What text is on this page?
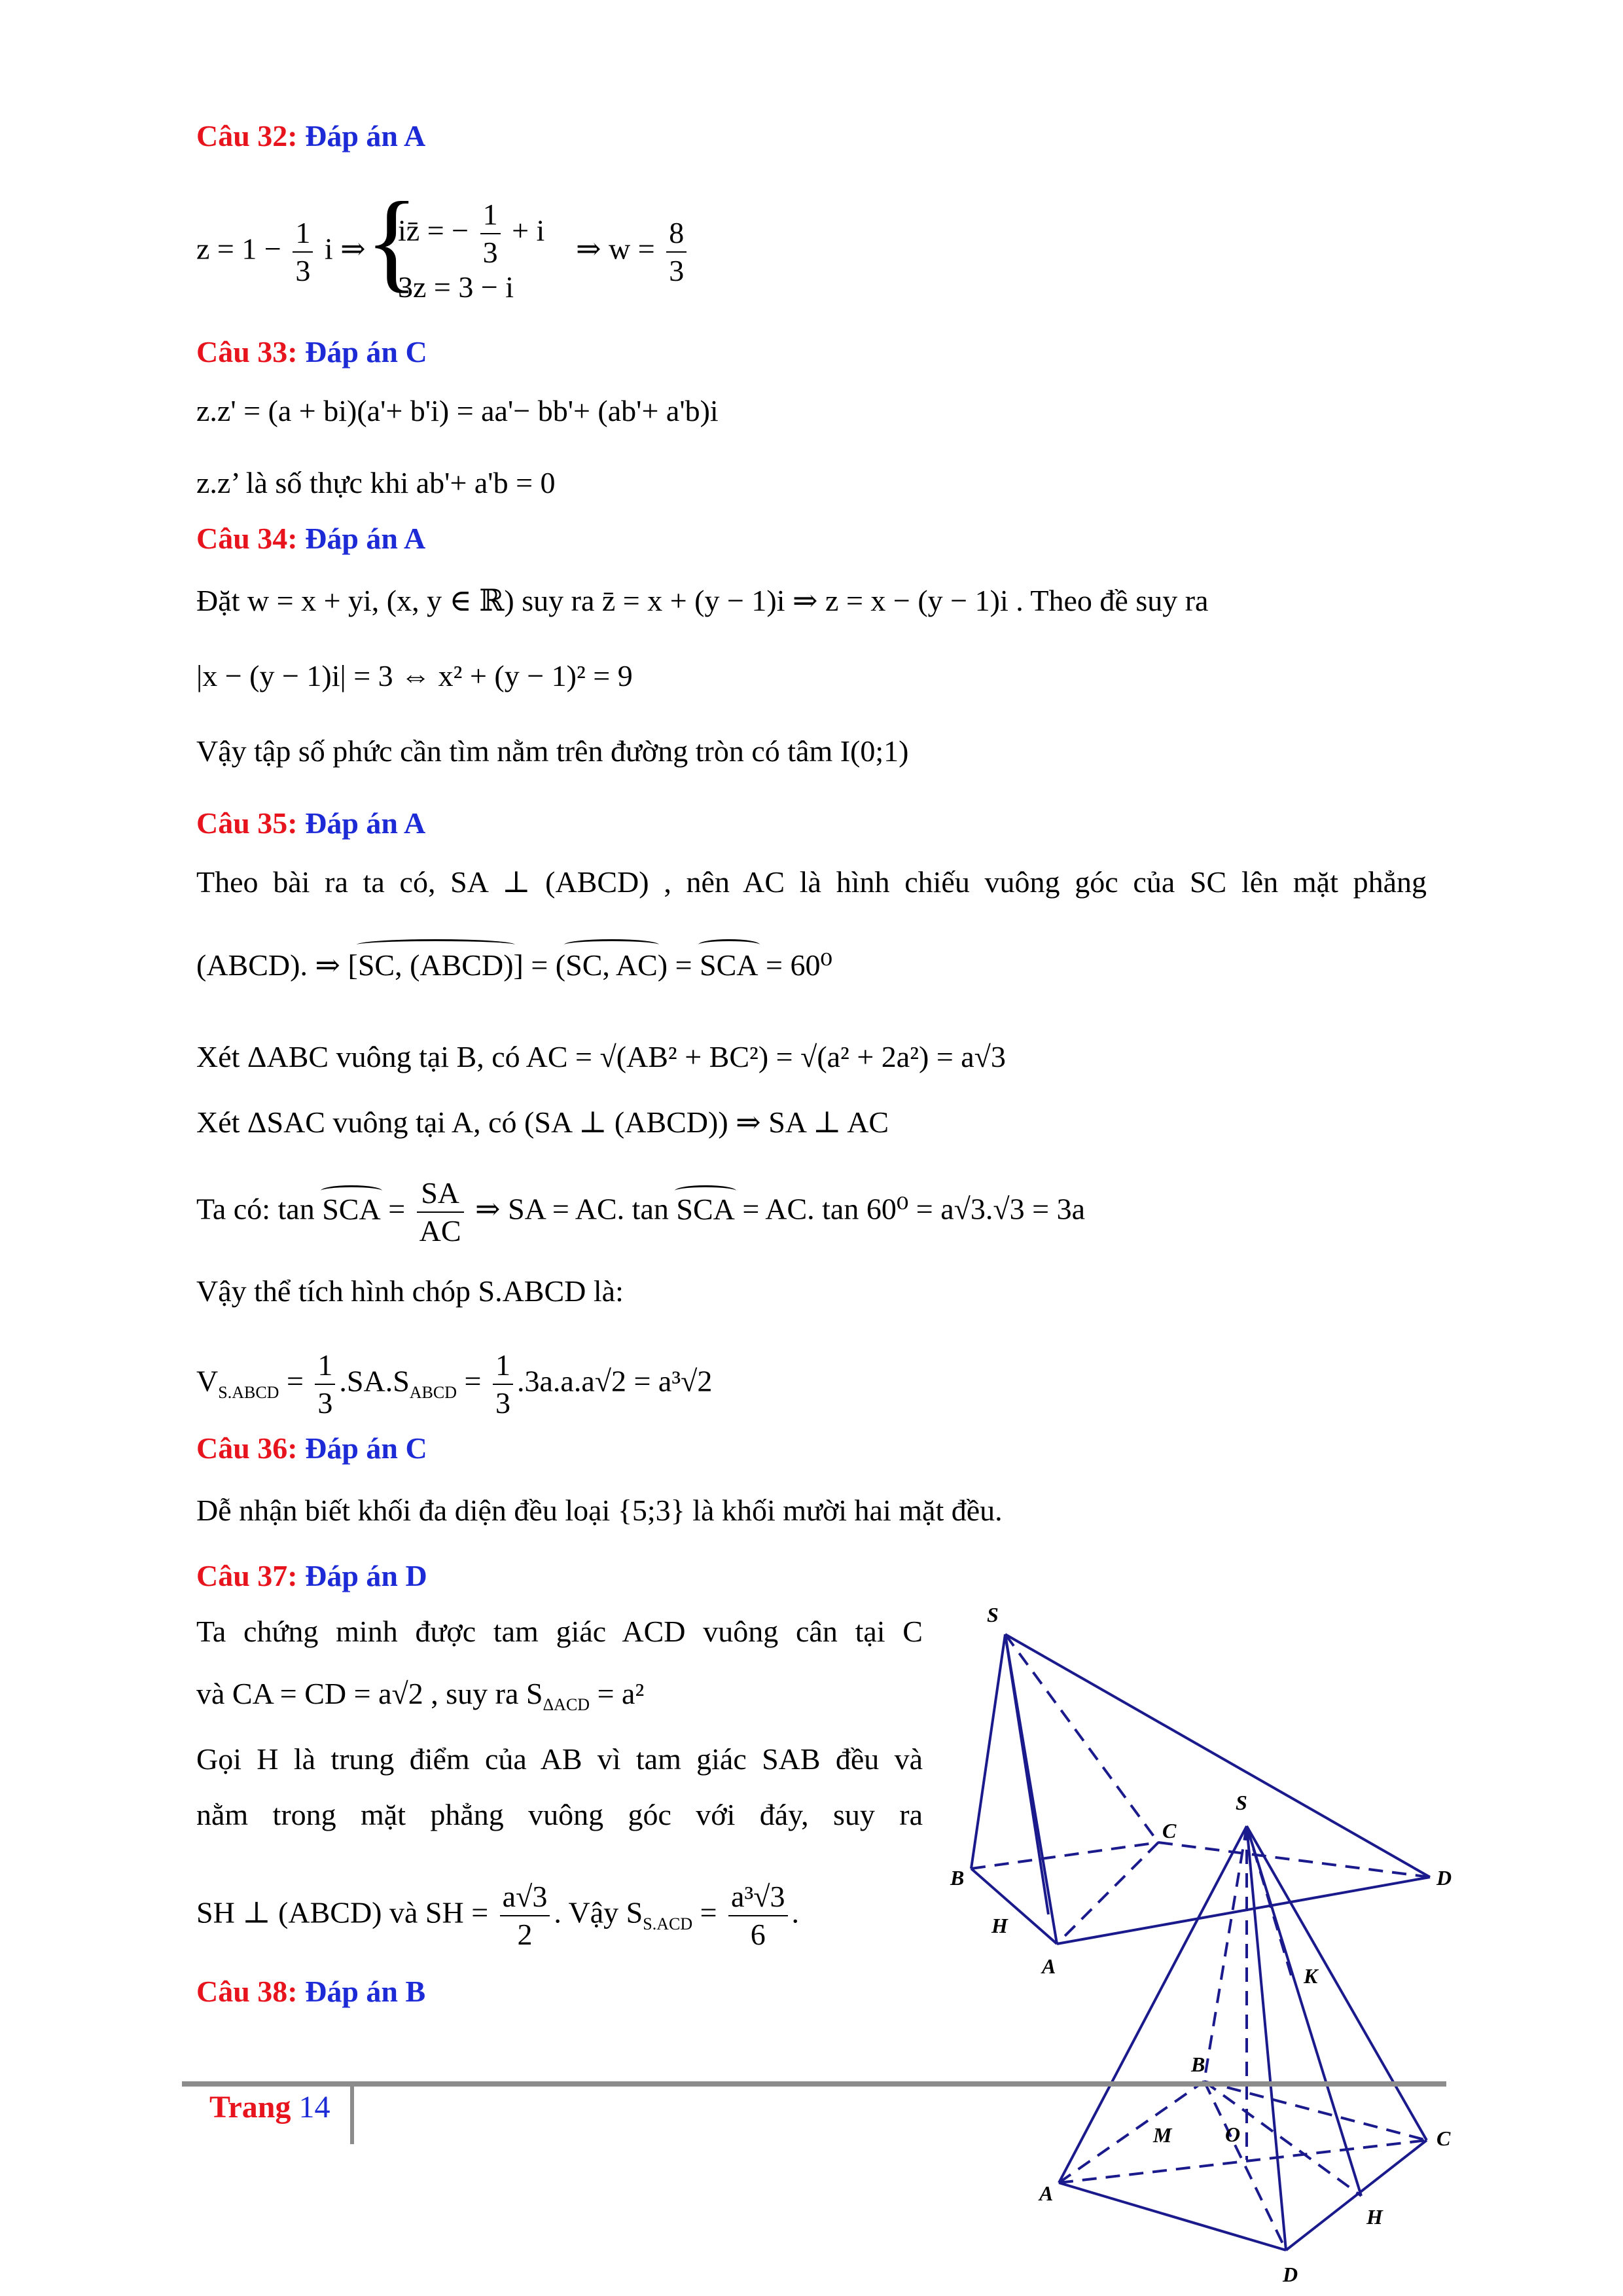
Câu 32: Đáp án A
$z = 1 - \frac{1}{3}$ i ⇒ {
iz̄ = − $\frac{1}{3} + i$
3z = 3 − i
⇒ $w = \frac{8}{3}$
Câu 33: Đáp án C
z.z' = (a + bi)(a'+ b'i) = aa'− bb'+ (ab'+ a'b)i
z.z’ là số thực khi ab'+ a'b = 0
Câu 34: Đáp án A
Đặt w = x + yi, (x, y ∈ ℝ) suy ra z̄ = x + (y − 1)i ⇒ z = x − (y − 1)i . Theo đề suy ra
|x − (y − 1)i| = 3 ⇔ x² + (y − 1)² = 9
Vậy tập số phức cần tìm nằm trên đường tròn có tâm I(0;1)
Câu 35: Đáp án A
Theo bài ra ta có, SA ⊥ (ABCD) , nên AC là hình chiếu vuông góc của SC lên mặt phẳng
(ABCD). ⇒ [SC, (ABCD)] = (SC, AC) = SCA = 60⁰
Xét ΔABC vuông tại B, có AC = √(AB² + BC²) = √(a² + 2a²) = a√3
Xét ΔSAC vuông tại A, có (SA ⊥ (ABCD)) ⇒ SA ⊥ AC
Ta có: tan SCA = $\frac{SA}{AC}$ ⇒ SA = AC. tan SCA = AC. tan 60⁰ = a√3.√3 = 3a
Vậy thể tích hình chóp S.ABCD là:
$V_{S.ABCD} = \frac{1}{3} .SA.S_{ABCD} = \frac{1}{3} .3a.a.a√2 = a^3√2$
Câu 36: Đáp án C
Dễ nhận biết khối đa diện đều loại {5;3} là khối mười hai mặt đều.
Câu 37: Đáp án D
Ta chứng minh được tam giác ACD vuông cân tại C
và CA = CD = a√2 , suy ra $S_{\Delta ACD} = a^2$
Gọi H là trung điểm của AB vì tam giác SAB đều và
nằm trong mặt phẳng vuông góc với đáy, suy ra
SH ⊥ (ABCD) và SH = $\frac{a√3}{2}$ . Vậy $S_{S.ACD} = \frac{\text{a³√3}}{6}$ .
Câu 38: Đáp án B
S
C
B	D
H
A
S
K
B
M	O	C
A
H
D
Trang 14
